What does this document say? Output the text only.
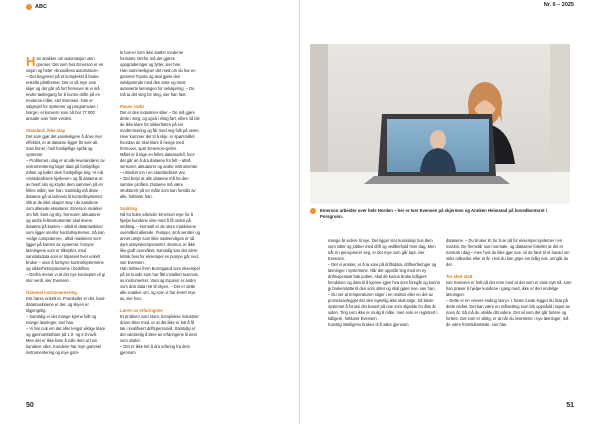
ABC

Han snakker om automasjon uten grenser. Det som hos Emerson er en visjon og heter «boundless automation».

– Det begynner på et komplekst å bruke enkelte plattformer. Det er så mye som skjer og det går så fort fremover at vi må endre tankegang for å kunne drifte på en moderne måte, sier Evensen. Han er salgssjef for systemer og programvare i Norge i et konsern som nå har 77.000 ansatte over hele verden.

Standard, ikke stay

Det som gjør det vanskeligere å drive mer effektivt, er at dataene ligger litt over alt, man finner i helt forskjellige språk og systemer.

– Problemet i dag er at alle leverandører av instrumentering lager data på forskjellige måter og kaller dem forskjellige ting. Vi må «standardisere kjelleren» og få dataene ut av hvert silo og knytte dem sammen på en felles måte, sier han. Samtidig må disse dataene gå ut sideveis til kontrollsystemet, slik at de ikke skaper stay i de kanalene som allerede eksisterer. Emerson snakker om felt, kant og sky. Sensorer, aktuatorer og andre feltinstrumenter skal levere dataene på kanten – altså til datamaskiner som ligger utenfor kontrollsystemet. Så kan «edge computeren», altså maskinen som ligger på kanten av systemet, forsyne løsningene som er tilknyttet, med sanntidsdata som er tilpasset hver enkelt bruker – uten å forstyrre kontrollsystemene og sikkerhetssystemene i bedriften.

– Derfra mener vi at det nye konseptet vil gi stor verdi, sier Evensen.

Gammel instrumentering

Det høres enkelt ut. Protokoller er det, kant-datamaskinene er der, og skyen er tilgjengelig.

– Samtidig er det mange kjerne fullt og mange løsninger, sier han.

– Vi har nok om det aller lengst viktige klare og gjennomførbare på 1.0- og 2.0-nivå. Men det er ikke bare å rulle dem ut hos kundene våre. Kundene har mye gammel instrumentering og mye gam-

le bus-er som ikke støtter moderne formater. Derfor må det gjøres oppgraderinger og lytter, sier han.

Han sammenligner det med om du har en gammel Toyota og skal gjøre den selvkjørende med den siste og mest avanserte løsningen for selvkjøring. – Du må ta det steg for steg, sier han fast.

Passe raskt

Det er den industrien sliter – De må gjøre dette i steg, og også i riktig fart, ellers så blir de ikke klare for sikkerheten på sin modernisering og får med seg folk på veien. Hver kommer det til å skje, er spørsmålet hvordan de skal klare å henge med fremover, spør Emerson-sjefen.

Målet er å lage en felles datamodell, hvor det går an å dra dataene fra felt – altså sensorer, aktuatorer og andre instrumenter – uhindret inn i en standardisert vev.

– Det betyr at alle dataene må ha den samme profilen. Dataene må være strukturert på en måte som kan forstås av alle, forklarer han.

Småting

Nå for tiden arbeider Emerson mye for å hjelpe kundene sine med å få orden på småting. – Normalt er de store maskinene overvåket allerede. Pumper, små ventiler og annet utstyr som ikke nødvendigvis er så dyre utstyrskomponenter, derimot, er ikke like godt overvåket. Samtidig kan det være kritisk hvis for eksempel en pumpe går ned, sier Evensen.

Han trekker frem Borregaard som eksempel på en kunde som har fått installert tusenvis av instrumenter. Vara og Equinor er andre som drar data rett til skyen. – Det er dette alle snakker om, og som vi har levert mye av, sier han.

Lærer av erfaringene

Et problem som store, komplekse industrier driver sliter med, er at det ikke er lett å få tak i kvalifisert driftspersonell. Samtidig er det vanskelig å lære av erfaringene til dem som slutter.

– Det er ikke lett å dra erfaring fra dem gjennom

50
Nr. 6 – 2025
51
Emerson arbeider over hele Norden – her er Iver Evensen på skjermen og Annken Heimstad på hovedkontoret i Porsgrunn.

mange år videre til nye. Det ligger stor kunnskap hos dem som sitter og jobber med drift og vedlikehold hver dag. Men når én pensjonerer seg, er det mye som går tapt, sier Evensen.

– Det vi ønsker, er å ta vare på driftsdata, driftserfaringer og løsninger i systemene. Når det oppstår ting med en ny driftsoperatør bak pulten, skal de kunne bruke tidligere hendelser og data til å kjenne igjen hva som foregår og kunne gi brukerstøtte til den som sitter og skal gjøre noe, sier han.

– Du ser at temperaturen stiger i en reaktor eller en del av prosessanlegget der den egentlig ikke skal stige. Så klarer systemet å forutsi det basert på noe som skjedde for åtte år siden. Ting som ikke er mulig å måle, men som er registrert i tidligere, forklarer Evensen.

Kunstig intelligens brukes til å sake gjennom

datasene. – Du bruker KI for å se på for eksempel systemer i en maskin. De fremstår som normale, og datasene forteller at det er normalt i dag – men hvis du ikke gjør noe, vil de fane til et havari om seks måneder eller et år. Hvis du kan gripe inn tidlig nok, unngår du det.

Tar slett stalt

Iver Evensen er helt på det rene med at det som er siste nytt nå, som han prøver å hjelpe kundene i gang med, ikke er den endelige løsningen.

– Dette er en «never ending story». I forste runde legger du lista på dette nivået. Det kan være en målsetting som blir oppnådd i løpet av noen år. Så må du utvikle ditt videre. Det vil som det går fortere og fortere. Det som er viktig, er at når du investerer i nye løsninger, må de være fremtidsrettede, sier han.
